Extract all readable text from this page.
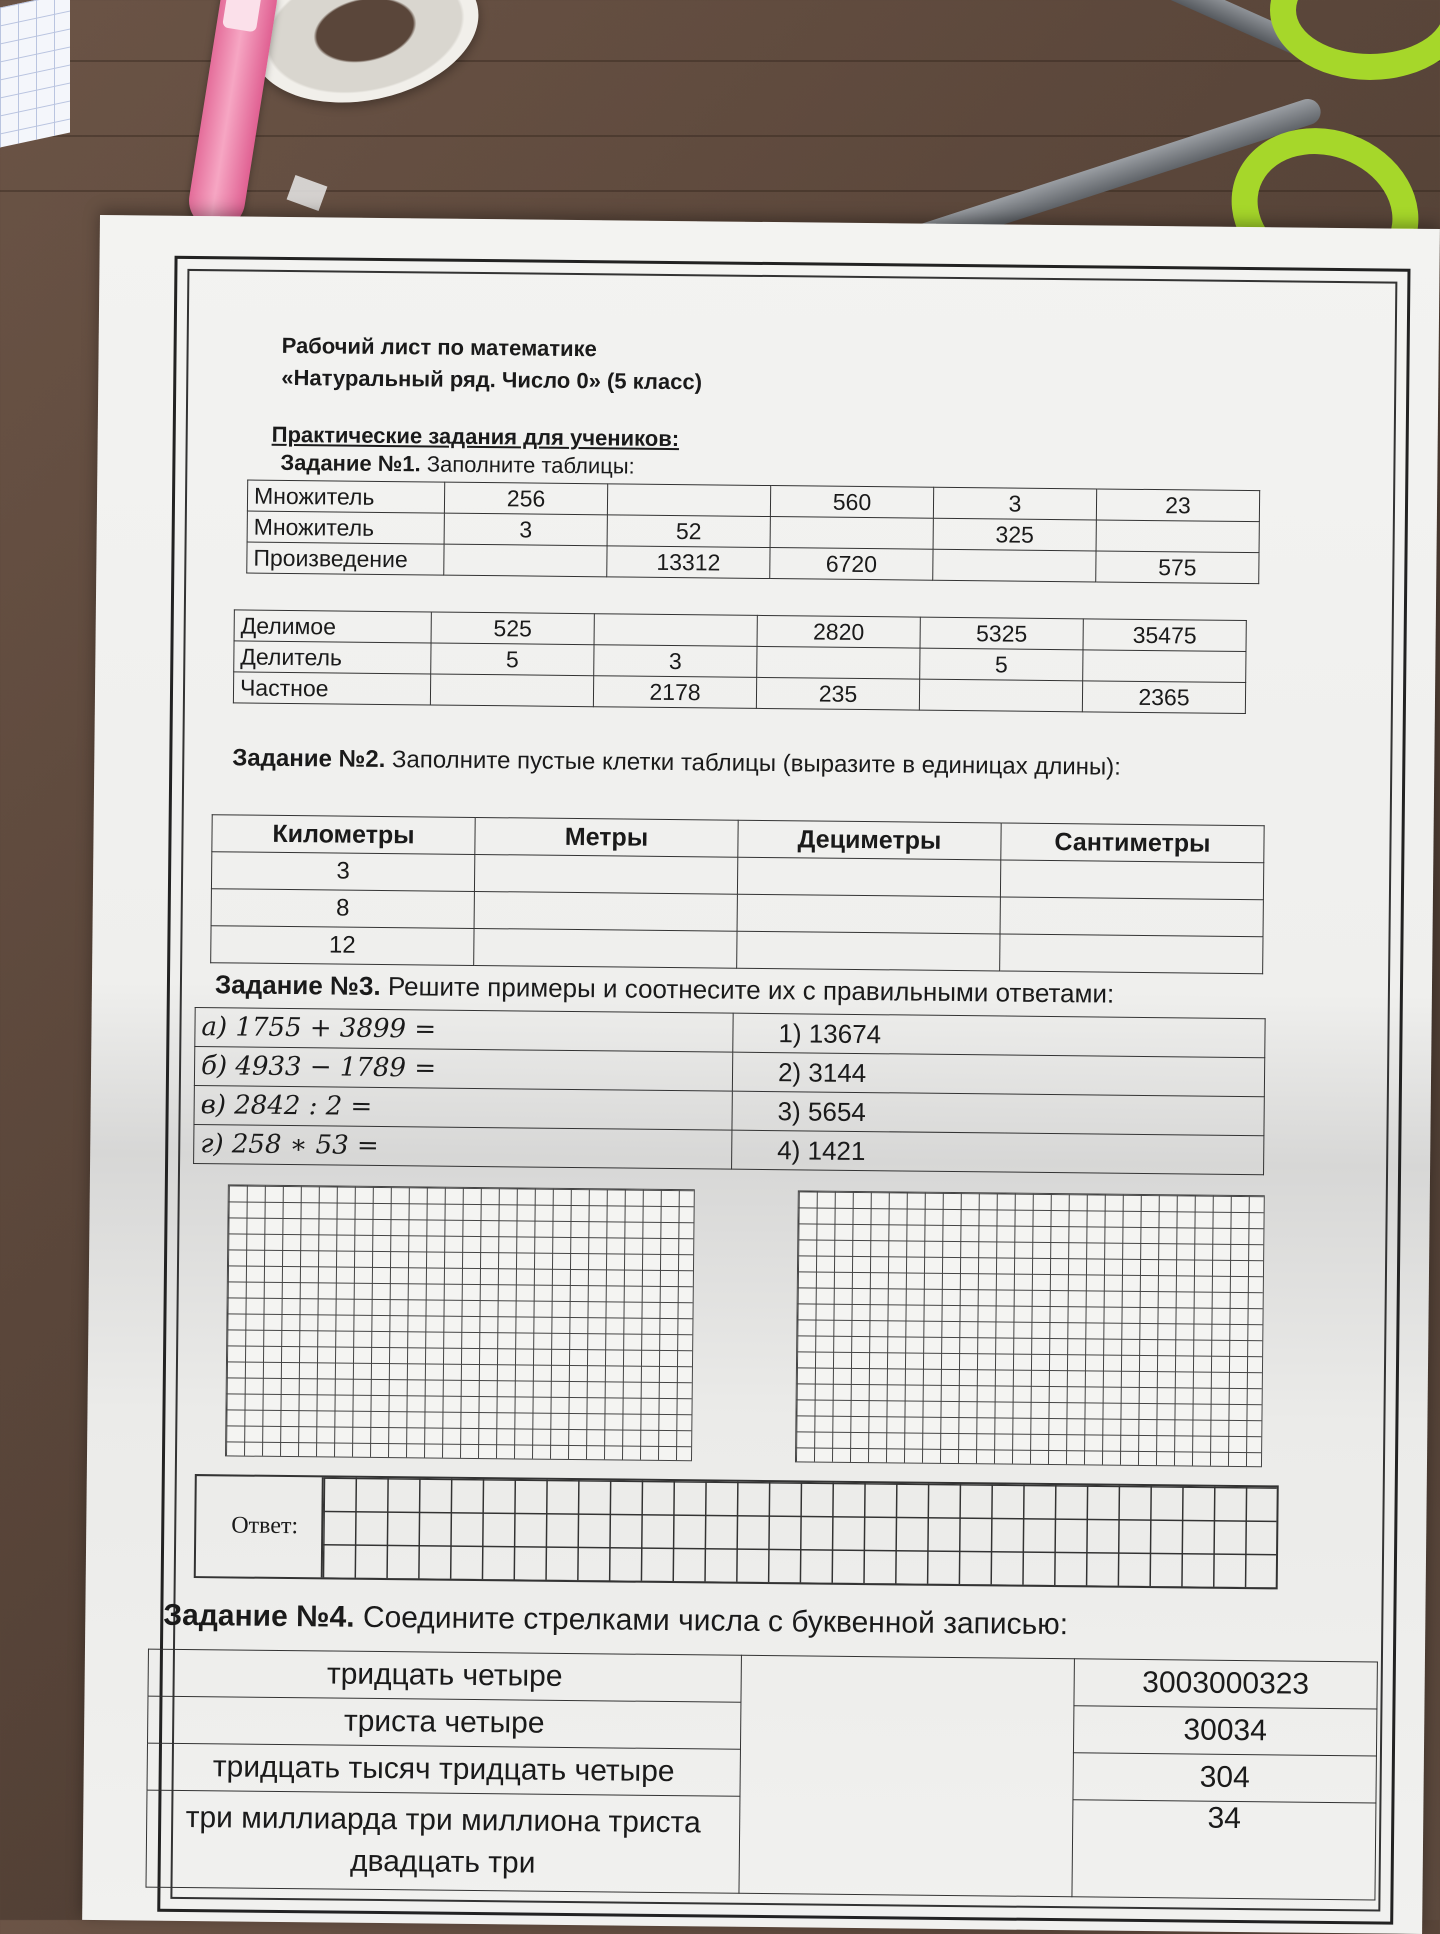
Рабочий лист по математике
«Натуральный ряд. Число 0» (5 класс)
Практические задания для учеников:
Задание №1. Заполните таблицы:
Множитель	256		560	3	23
Множитель	3	52		325	
Произведение		13312	6720		575
Делимое	525		2820	5325	35475
Делитель	5	3		5	
Частное		2178	235		2365
Задание №2. Заполните пустые клетки таблицы (выразите в единицах длины):
Километры	Метры	Дециметры	Сантиметры
3			
8			
12			
Задание №3. Решите примеры и соотнесите их с правильными ответами:
а) 1755 + 3899 =	1) 13674
б) 4933 − 1789 =	2) 3144
в) 2842 : 2 =	3) 5654
г) 258 ∗ 53 =	4) 1421
Ответ:
Задание №4. Соедините стрелками числа с буквенной записью:
тридцать четыре		3003000323
триста четыре		30034
тридцать тысяч тридцать четыре		304
три миллиарда три миллиона триста двадцать три		34
